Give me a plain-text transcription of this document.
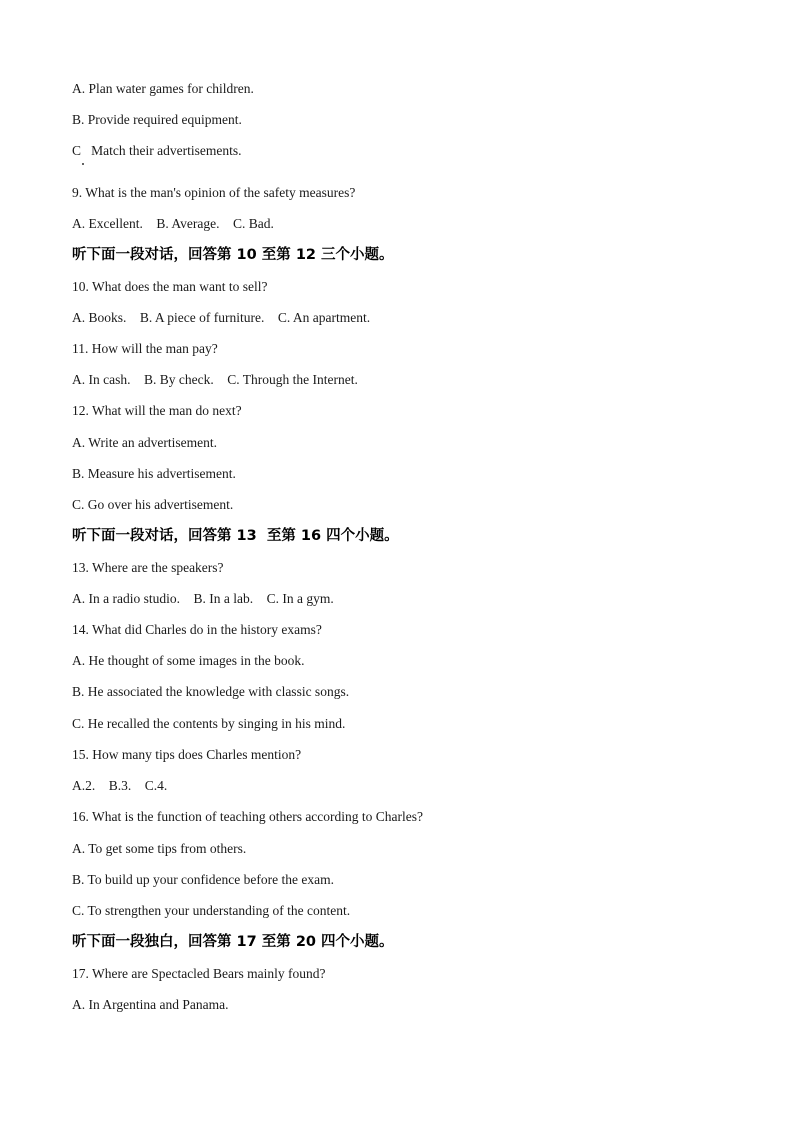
A. Plan water games for children.

B. Provide required equipment.

C   Match their advertisements.

9. What is the man's opinion of the safety measures?

A. Excellent.    B. Average.    C. Bad.

听下面一段对话，回答第 10 至第 12 三个小题。

10. What does the man want to sell?

A. Books.    B. A piece of furniture.    C. An apartment.

11. How will the man pay?

A. In cash.    B. By check.    C. Through the Internet.

12. What will the man do next?

A. Write an advertisement.

B. Measure his advertisement.

C. Go over his advertisement.

听下面一段对话，回答第 13  至第 16 四个小题。

13. Where are the speakers?

A. In a radio studio.    B. In a lab.    C. In a gym.

14. What did Charles do in the history exams?

A. He thought of some images in the book.

B. He associated the knowledge with classic songs.

C. He recalled the contents by singing in his mind.

15. How many tips does Charles mention?

A.2.    B.3.    C.4.

16. What is the function of teaching others according to Charles?

A. To get some tips from others.

B. To build up your confidence before the exam.

C. To strengthen your understanding of the content.

听下面一段独白，回答第 17 至第 20 四个小题。

17. Where are Spectacled Bears mainly found?

A. In Argentina and Panama.
